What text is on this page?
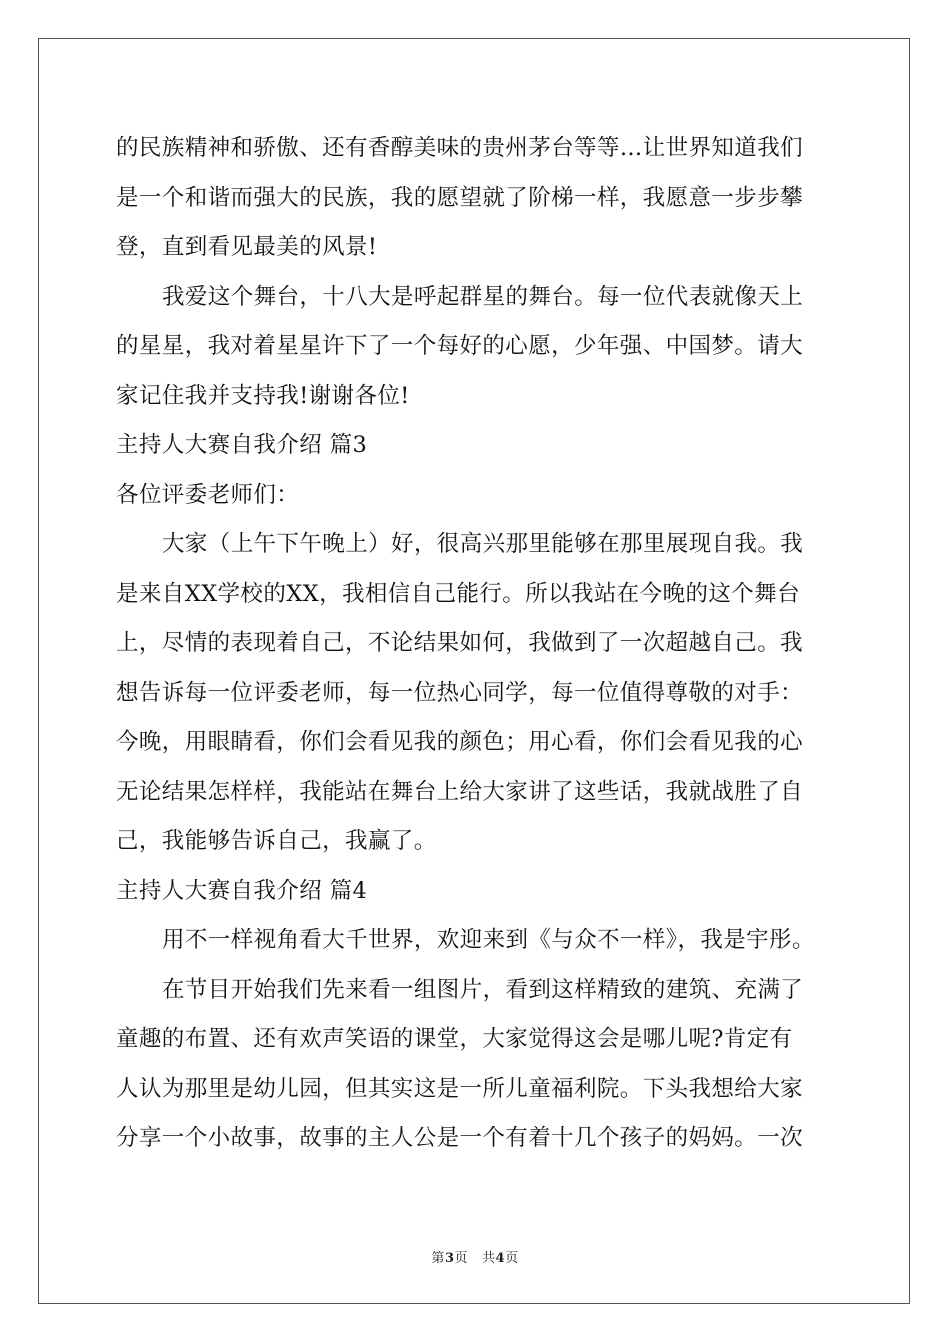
的民族精神和骄傲、还有香醇美味的贵州茅台等等…让世界知道我们
是一个和谐而强大的民族，我的愿望就了阶梯一样，我愿意一步步攀
登，直到看见最美的风景!
我爱这个舞台，十八大是呼起群星的舞台。每一位代表就像天上
的星星，我对着星星许下了一个每好的心愿，少年强、中国梦。请大
家记住我并支持我!谢谢各位!
主持人大赛自我介绍 篇3
各位评委老师们：
大家（上午下午晚上）好，很高兴那里能够在那里展现自我。我
是来自XX学校的XX，我相信自己能行。所以我站在今晚的这个舞台
上，尽情的表现着自己，不论结果如何，我做到了一次超越自己。我
想告诉每一位评委老师，每一位热心同学，每一位值得尊敬的对手：
今晚，用眼睛看，你们会看见我的颜色；用心看，你们会看见我的心
无论结果怎样样，我能站在舞台上给大家讲了这些话，我就战胜了自
己，我能够告诉自己，我赢了。
主持人大赛自我介绍 篇4
用不一样视角看大千世界，欢迎来到《与众不一样》，我是宇彤。
在节目开始我们先来看一组图片，看到这样精致的建筑、充满了
童趣的布置、还有欢声笑语的课堂，大家觉得这会是哪儿呢?肯定有
人认为那里是幼儿园，但其实这是一所儿童福利院。下头我想给大家
分享一个小故事，故事的主人公是一个有着十几个孩子的妈妈。一次
第3页 共4页
